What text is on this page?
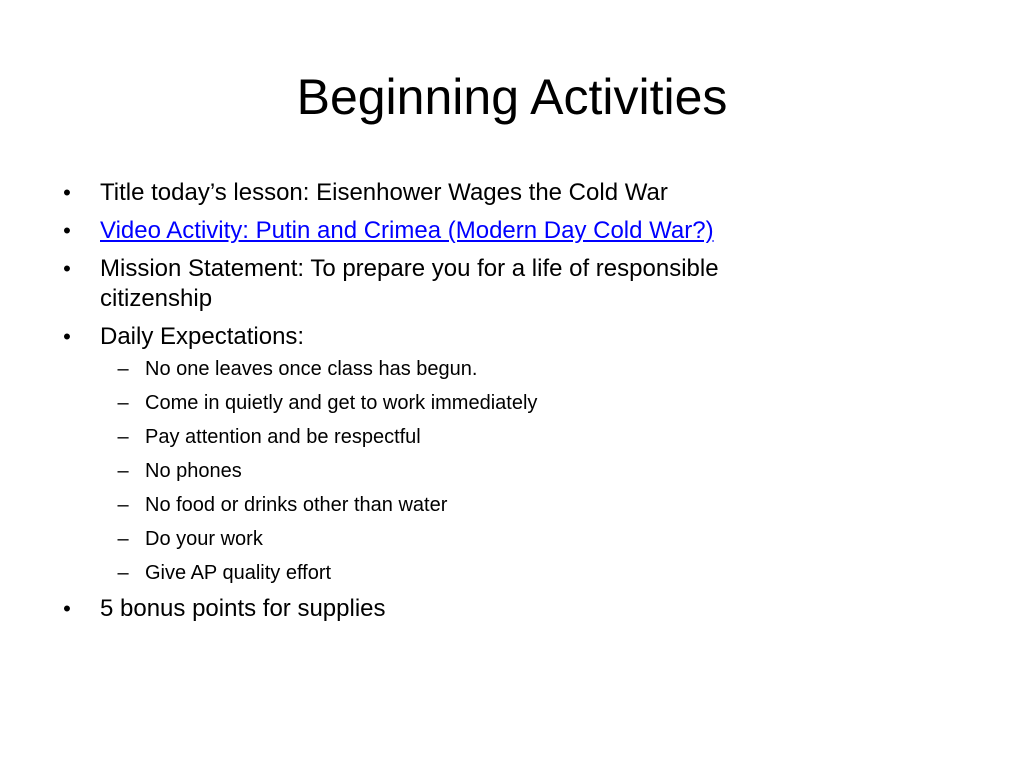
Beginning Activities
• Title today’s lesson: Eisenhower Wages the Cold War
• Video Activity: Putin and Crimea (Modern Day Cold War?)
• Mission Statement: To prepare you for a life of responsible
citizenship
• Daily Expectations:
– No one leaves once class has begun.
– Come in quietly and get to work immediately
– Pay attention and be respectful
– No phones
– No food or drinks other than water
– Do your work
– Give AP quality effort
• 5 bonus points for supplies
